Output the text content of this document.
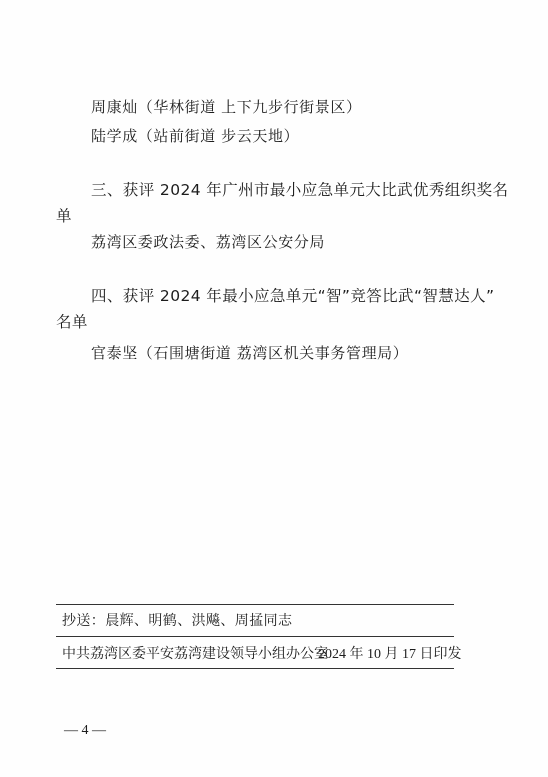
周康灿（华林街道 上下九步行街景区）
陆学成（站前街道 步云天地）
三、获评 2024 年广州市最小应急单元大比武优秀组织奖名
单
荔湾区委政法委、荔湾区公安分局
四、获评 2024 年最小应急单元“智”竞答比武“智慧达人”
名单
官泰坚（石围塘街道 荔湾区机关事务管理局）
抄送：晨辉、明鹤、洪飚、周掹同志
中共荔湾区委平安荔湾建设领导小组办公室
2024 年 10 月 17 日印发
— 4 —
